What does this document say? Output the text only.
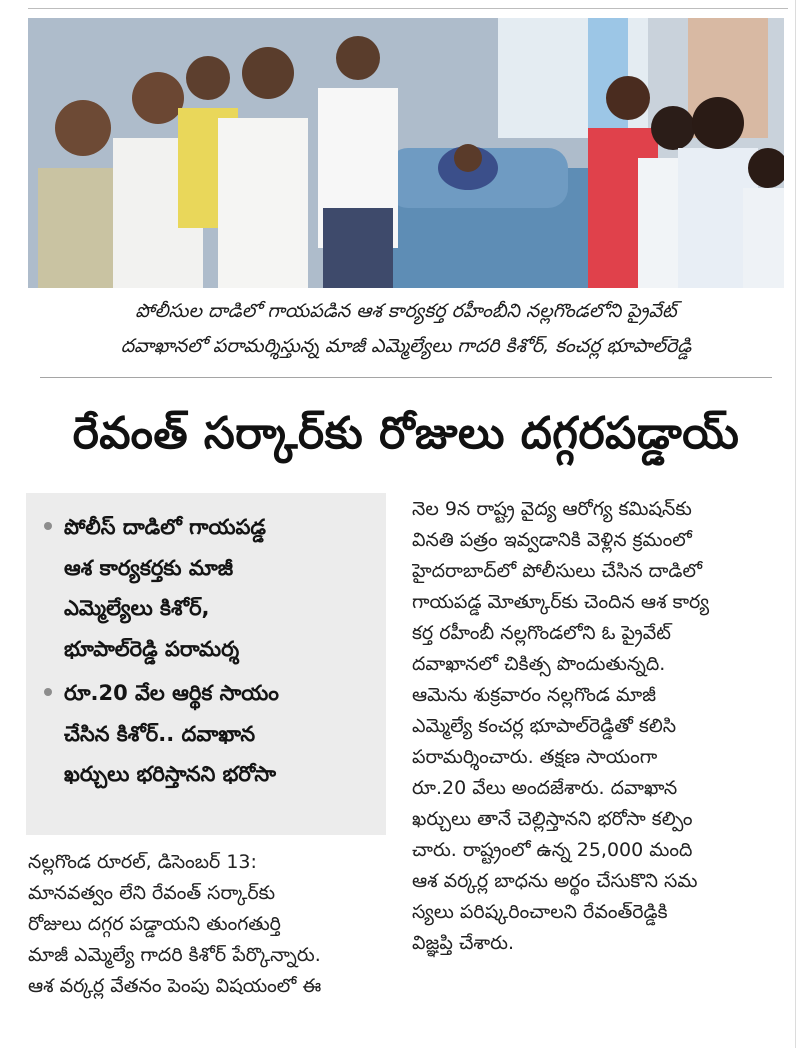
పోలీసుల దాడిలో గాయపడిన ఆశ కార్యకర్త రహీంబీని నల్లగొండలోని ప్రైవేట్
దవాఖానలో పరామర్శిస్తున్న మాజీ ఎమ్మెల్యేలు గాదరి కిశోర్, కంచర్ల భూపాల్‌రెడ్డి
రేవంత్ సర్కార్‌కు రోజులు దగ్గరపడ్డాయ్
పోలీస్ దాడిలో గాయపడ్డ
ఆశ కార్యకర్తకు మాజీ
ఎమ్మెల్యేలు కిశోర్,
భూపాల్‌రెడ్డి పరామర్శ
రూ.20 వేల ఆర్థిక సాయం
చేసిన కిశోర్.. దవాఖాన
ఖర్చులు భరిస్తానని భరోసా
నల్లగొండ రూరల్, డిసెంబర్ 13:
మానవత్వం లేని రేవంత్ సర్కార్‌కు
రోజులు దగ్గర పడ్డాయని తుంగతుర్తి
మాజీ ఎమ్మెల్యే గాదరి కిశోర్ పేర్కొన్నారు.
ఆశ వర్కర్ల వేతనం పెంపు విషయంలో ఈ
నెల 9న రాష్ట్ర వైద్య ఆరోగ్య కమిషన్‌కు
వినతి పత్రం ఇవ్వడానికి వెళ్లిన క్రమంలో
హైదరాబాద్‌లో పోలీసులు చేసిన దాడిలో
గాయపడ్డ మోత్కూర్‌కు చెందిన ఆశ కార్య
కర్త రహీంబీ నల్లగొండలోని ఓ ప్రైవేట్
దవాఖానలో చికిత్స పొందుతున్నది.
ఆమెను శుక్రవారం నల్లగొండ మాజీ
ఎమ్మెల్యే కంచర్ల భూపాల్‌రెడ్డితో కలిసి
పరామర్శించారు. తక్షణ సాయంగా
రూ.20 వేలు అందజేశారు. దవాఖాన
ఖర్చులు తానే చెల్లిస్తానని భరోసా కల్పిం
చారు. రాష్ట్రంలో ఉన్న 25,000 మంది
ఆశ వర్కర్ల బాధను అర్థం చేసుకొని సమ
స్యలు పరిష్కరించాలని రేవంత్‌రెడ్డికి
విజ్ఞప్తి చేశారు.
